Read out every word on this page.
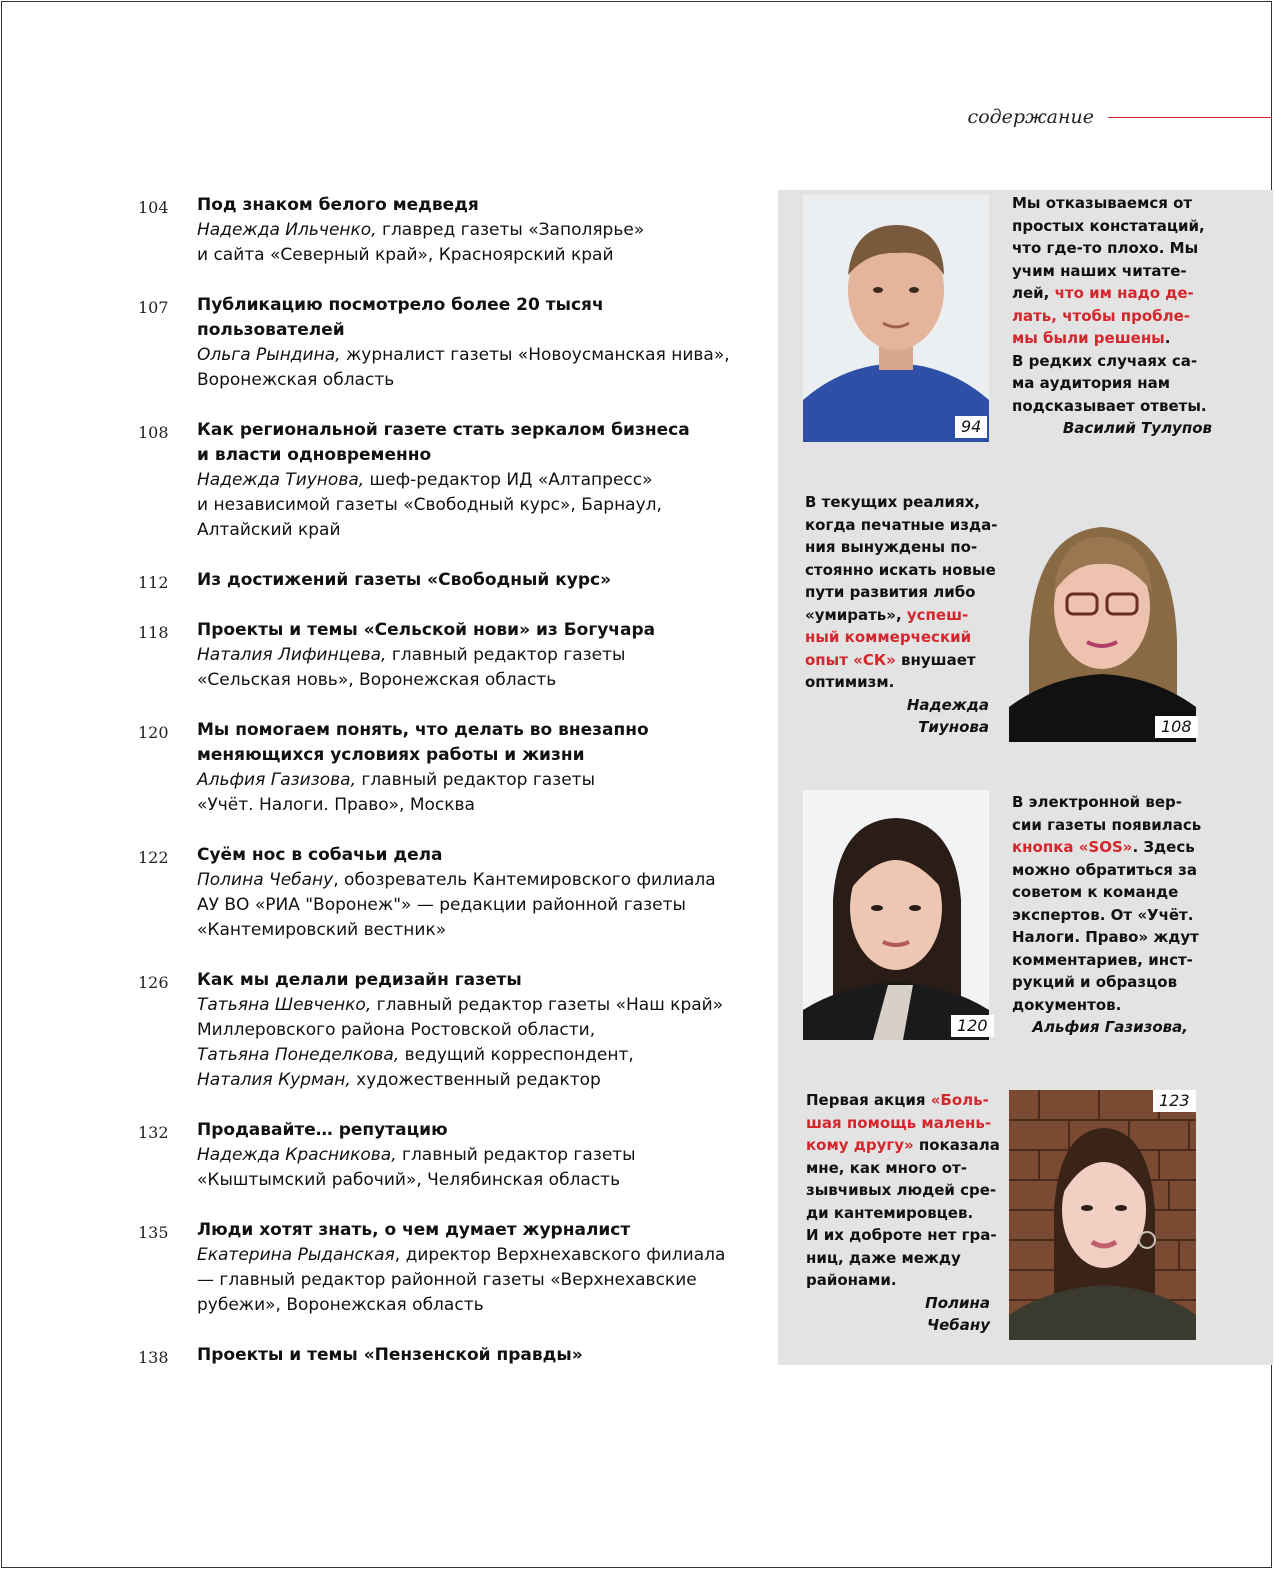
содержание
104 Под знаком белого медведя
Надежда Ильченко, главред газеты «Заполярье»
и сайта «Северный край», Красноярский край
107 Публикацию посмотрело более 20 тысяч пользователей
Ольга Рындина, журналист газеты «Новоусманская нива»,
Воронежская область
108 Как региональной газете стать зеркалом бизнеса
и власти одновременно
Надежда Тиунова, шеф-редактор ИД «Алтапресс»
и независимой газеты «Свободный курс», Барнаул,
Алтайский край
112 Из достижений газеты «Свободный курс»
118 Проекты и темы «Сельской нови» из Богучара
Наталия Лифинцева, главный редактор газеты
«Сельская новь», Воронежская область
120 Мы помогаем понять, что делать во внезапно
меняющихся условиях работы и жизни
Альфия Газизова, главный редактор газеты
«Учёт. Налоги. Право», Москва
122 Суём нос в собачьи дела
Полина Чебану, обозреватель Кантемировского филиала
АУ ВО «РИА "Воронеж"» — редакции районной газеты
«Кантемировский вестник»
126 Как мы делали редизайн газеты
Татьяна Шевченко, главный редактор газеты «Наш край»
Миллеровского района Ростовской области,
Татьяна Понеделкова, ведущий корреспондент,
Наталия Курман, художественный редактор
132 Продавайте… репутацию
Надежда Красникова, главный редактор газеты
«Кыштымский рабочий», Челябинская область
135 Люди хотят знать, о чем думает журналист
Екатерина Рыданская, директор Верхнехавского филиала
— главный редактор районной газеты «Верхнехавские
рубежи», Воронежская область
138 Проекты и темы «Пензенской правды»
94
Мы отказываемся от
простых констатаций,
что где-то плохо. Мы
учим наших читате-
лей, что им надо де-
лать, чтобы пробле-
мы были решены.
В редких случаях са-
ма аудитория нам
подсказывает ответы.
Василий Тулупов
108
В текущих реалиях,
когда печатные изда-
ния вынуждены по-
стоянно искать новые
пути развития либо
«умирать», успеш-
ный коммерческий
опыт «СК» внушает
оптимизм.
Надежда
Тиунова
120
В электронной вер-
сии газеты появилась
кнопка «SOS». Здесь
можно обратиться за
советом к команде
экспертов. От «Учёт.
Налоги. Право» ждут
комментариев, инст-
рукций и образцов
документов.
Альфия Газизова,
123
Первая акция «Боль-
шая помощь малень-
кому другу» показала
мне, как много от-
зывчивых людей сре-
ди кантемировцев.
И их доброте нет гра-
ниц, даже между
районами.
Полина
Чебану
